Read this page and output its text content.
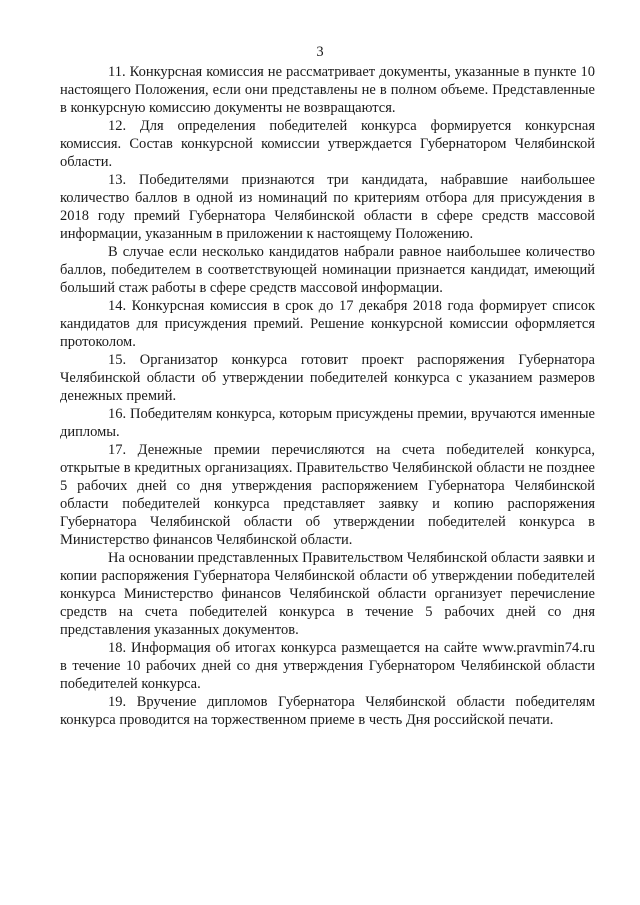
3

11. Конкурсная комиссия не рассматривает документы, указанные в пункте 10 настоящего Положения, если они представлены не в полном объеме. Представленные в конкурсную комиссию документы не возвращаются.

12. Для определения победителей конкурса формируется конкурсная комиссия. Состав конкурсной комиссии утверждается Губернатором Челябинской области.

13. Победителями признаются три кандидата, набравшие наибольшее количество баллов в одной из номинаций по критериям отбора для присуждения в 2018 году премий Губернатора Челябинской области в сфере средств массовой информации, указанным в приложении к настоящему Положению.

В случае если несколько кандидатов набрали равное наибольшее количество баллов, победителем в соответствующей номинации признается кандидат, имеющий больший стаж работы в сфере средств массовой информации.

14. Конкурсная комиссия в срок до 17 декабря 2018 года формирует список кандидатов для присуждения премий. Решение конкурсной комиссии оформляется протоколом.

15. Организатор конкурса готовит проект распоряжения Губернатора Челябинской области об утверждении победителей конкурса с указанием размеров денежных премий.

16. Победителям конкурса, которым присуждены премии, вручаются именные дипломы.

17. Денежные премии перечисляются на счета победителей конкурса, открытые в кредитных организациях. Правительство Челябинской области не позднее 5 рабочих дней со дня утверждения распоряжением Губернатора Челябинской области победителей конкурса представляет заявку и копию распоряжения Губернатора Челябинской области об утверждении победителей конкурса в Министерство финансов Челябинской области.

На основании представленных Правительством Челябинской области заявки и копии распоряжения Губернатора Челябинской области об утверждении победителей конкурса Министерство финансов Челябинской области организует перечисление средств на счета победителей конкурса в течение 5 рабочих дней со дня представления указанных документов.

18. Информация об итогах конкурса размещается на сайте www.pravmin74.ru в течение 10 рабочих дней со дня утверждения Губернатором Челябинской области победителей конкурса.

19. Вручение дипломов Губернатора Челябинской области победителям конкурса проводится на торжественном приеме в честь Дня российской печати.
